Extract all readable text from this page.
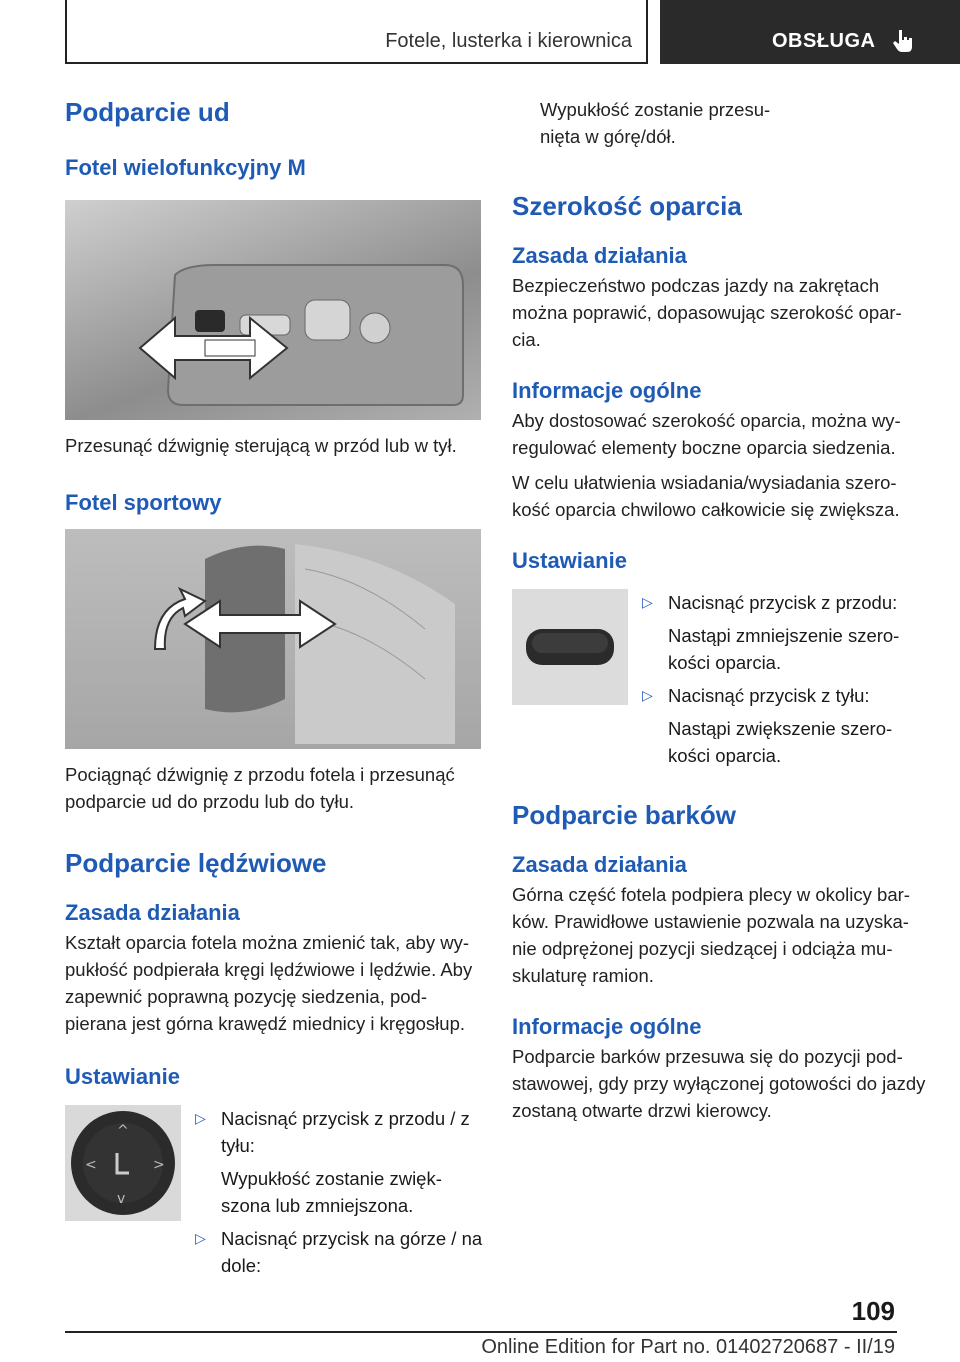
Fotele, lusterka i kierownica	OBSŁUGA
Podparcie ud
Fotel wielofunkcyjny M

Przesunąć dźwignię sterującą w przód lub w tył.

Fotel sportowy

Pociągnąć dźwignię z przodu fotela i przesunąć podparcie ud do przodu lub do tyłu.

Podparcie lędźwiowe
Zasada działania

Kształt oparcia fotela można zmienić tak, aby wy-pukłość podpierała kręgi lędźwiowe i lędźwie. Aby zapewnić poprawną pozycję siedzenia, pod-pierana jest górna krawędź miednicy i kręgosłup.

Ustawianie
^
v
<	>
▷ Nacisnąć przycisk z przodu / z tyłu:
Wypukłość zostanie zwięk-szona lub zmniejszona.
▷ Nacisnąć przycisk na górze / na dole:

Wypukłość zostanie przesu-nięta w górę/dół.

Szerokość oparcia
Zasada działania

Bezpieczeństwo podczas jazdy na zakrętach można poprawić, dopasowując szerokość opar-cia.

Informacje ogólne

Aby dostosować szerokość oparcia, można wy-regulować elementy boczne oparcia siedzenia.

W celu ułatwienia wsiadania/wysiadania szero-kość oparcia chwilowo całkowicie się zwiększa.

Ustawianie
▷ Nacisnąć przycisk z przodu:
Nastąpi zmniejszenie szero-kości oparcia.
▷ Nacisnąć przycisk z tyłu:
Nastąpi zwiększenie szero-kości oparcia.
Podparcie barków
Zasada działania

Górna część fotela podpiera plecy w okolicy bar-ków. Prawidłowe ustawienie pozwala na uzyska-nie odprężonej pozycji siedzącej i odciąża mu-skulaturę ramion.

Informacje ogólne

Podparcie barków przesuwa się do pozycji pod-stawowej, gdy przy wyłączonej gotowości do jazdy zostaną otwarte drzwi kierowcy.

109
Online Edition for Part no. 01402720687 - II/19
